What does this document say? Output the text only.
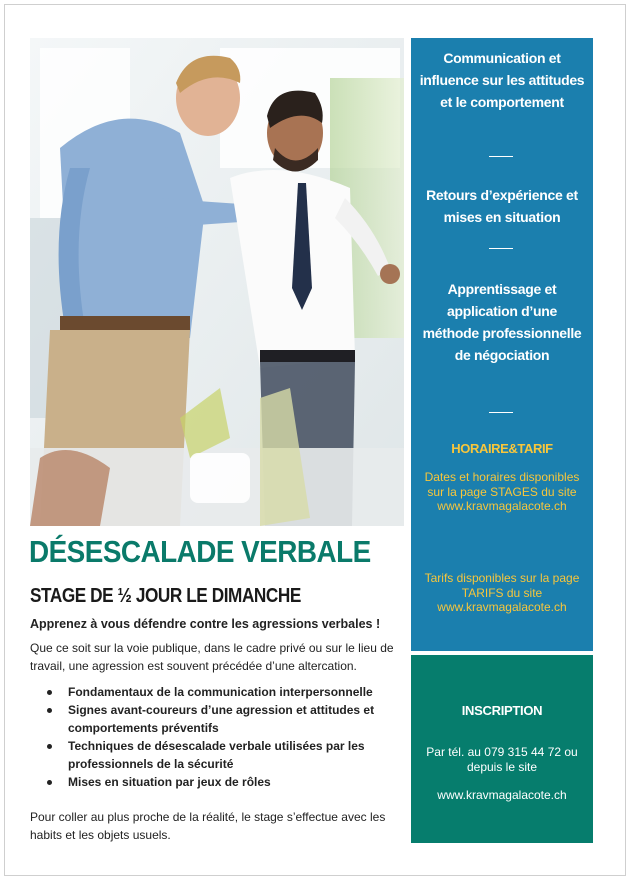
Communication et influence sur les attitudes et le comportement
Retours d’expérience et mises en situation
Apprentissage et application d’une méthode professionnelle de négociation
HORAIRE&TARIF
Dates et horaires disponibles sur la page STAGES du site www.kravmagalacote.ch
Tarifs disponibles sur la page TARIFS du site www.kravmagalacote.ch
INSCRIPTION
Par tél. au 079 315 44 72 ou depuis le site
www.kravmagalacote.ch
DÉSESCALADE VERBALE
STAGE DE ½ JOUR LE DIMANCHE
Apprenez à vous défendre contre les agressions verbales !
Que ce soit sur la voie publique, dans le cadre privé ou sur le lieu de travail, une agression est souvent précédée d’une altercation.
Fondamentaux de la communication interpersonnelle
Signes avant-coureurs d’une agression et attitudes et comportements préventifs
Techniques de désescalade verbale utilisées par les professionnels de la sécurité
Mises en situation par jeux de rôles
Pour coller au plus proche de la réalité, le stage s’effectue avec les habits et les objets usuels.
